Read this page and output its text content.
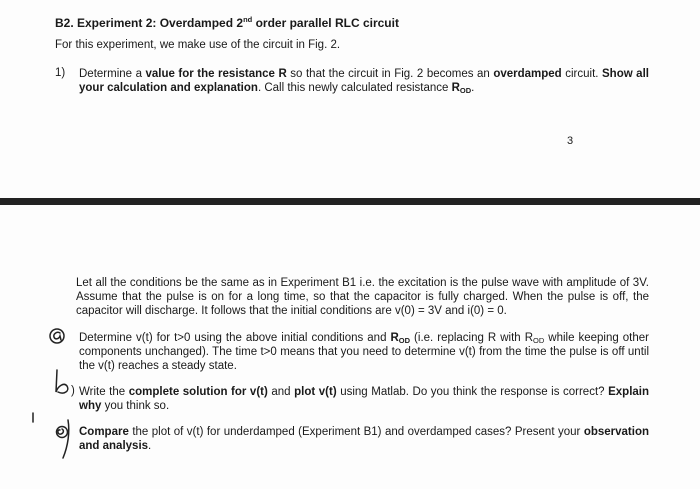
B2. Experiment 2: Overdamped 2nd order parallel RLC circuit
For this experiment, we make use of the circuit in Fig. 2.
1) Determine a value for the resistance R so that the circuit in Fig. 2 becomes an overdamped circuit. Show all your calculation and explanation. Call this newly calculated resistance $R_{OD}$.
3
Let all the conditions be the same as in Experiment B1 i.e. the excitation is the pulse wave with amplitude of 3V. Assume that the pulse is on for a long time, so that the capacitor is fully charged. When the pulse is off, the capacitor will discharge. It follows that the initial conditions are v(0) = 3V and i(0) = 0.
Determine v(t) for t>0 using the above initial conditions and $R_{OD}$ (i.e. replacing R with $R_{OD}$ while keeping other components unchanged). The time t>0 means that you need to determine v(t) from the time the pulse is off until the v(t) reaches a steady state.
) Write the complete solution for v(t) and plot v(t) using Matlab. Do you think the response is correct? Explain why you think so.
Compare the plot of v(t) for underdamped (Experiment B1) and overdamped cases? Present your observation and analysis.
